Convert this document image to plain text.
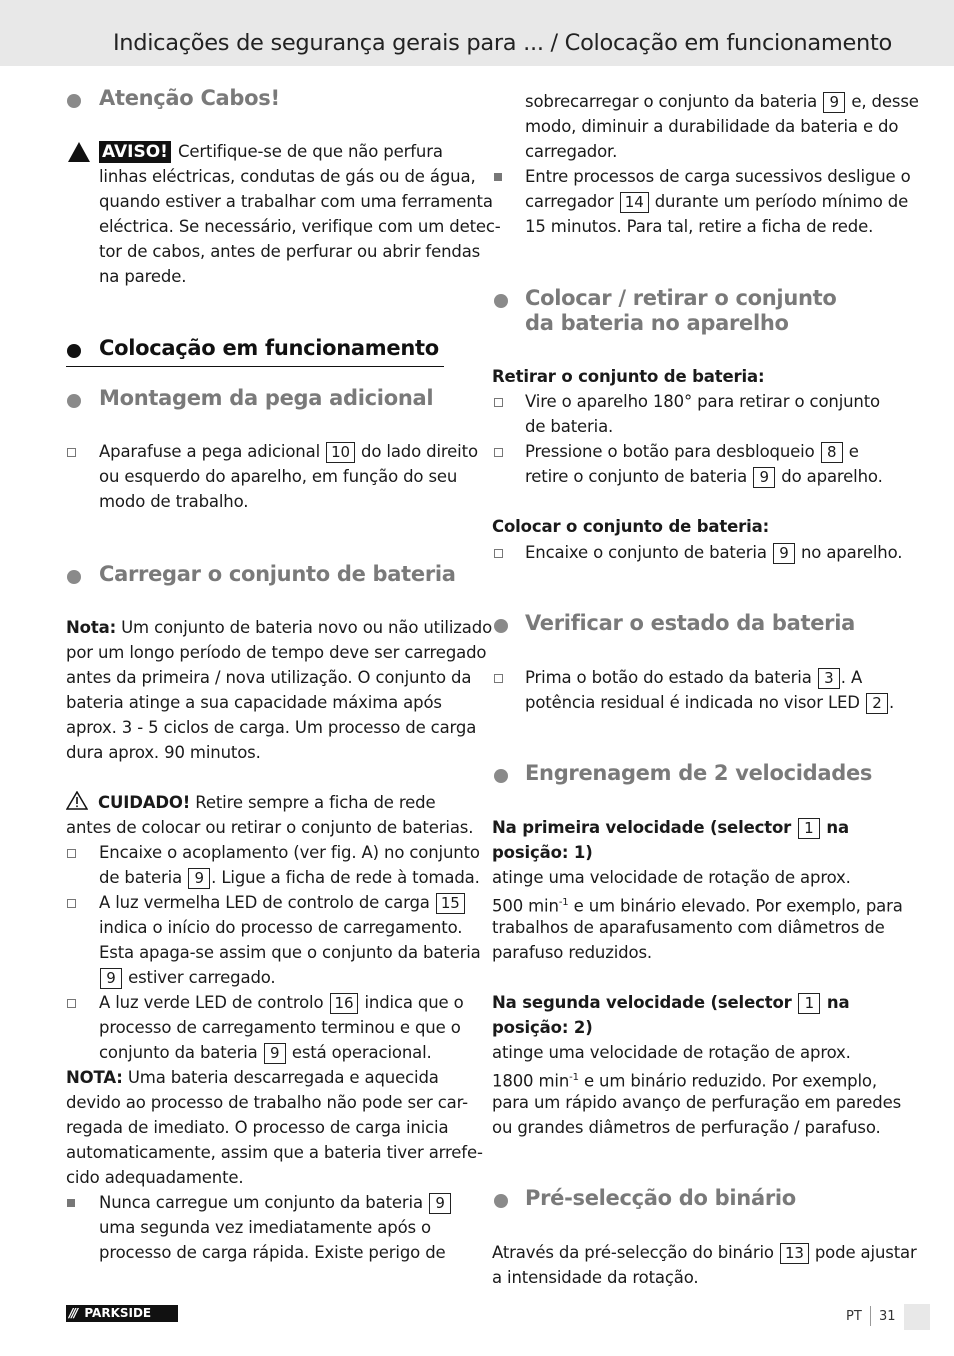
Indicações de segurança gerais para ... / Colocação em funcionamento
Atenção Cabos!
AVISO! Certifique-se de que não perfura
linhas eléctricas, condutas de gás ou de água,
quando estiver a trabalhar com uma ferramenta
eléctrica. Se necessário, verifique com um detec-
tor de cabos, antes de perfurar ou abrir fendas
na parede.
Colocação em funcionamento
Montagem da pega adicional
Aparafuse a pega adicional 10 do lado direito
ou esquerdo do aparelho, em função do seu
modo de trabalho.
Carregar o conjunto de bateria
Nota: Um conjunto de bateria novo ou não utilizado
por um longo período de tempo deve ser carregado
antes da primeira / nova utilização. O conjunto da
bateria atinge a sua capacidade máxima após
aprox. 3 - 5 ciclos de carga. Um processo de carga
dura aprox. 90 minutos.
CUIDADO! Retire sempre a ficha de rede
antes de colocar ou retirar o conjunto de baterias.
Encaixe o acoplamento (ver fig. A) no conjunto
de bateria 9 . Ligue a ficha de rede à tomada.
A luz vermelha LED de controlo de carga 15
indica o início do processo de carregamento.
Esta apaga-se assim que o conjunto da bateria
9 estiver carregado.
A luz verde LED de controlo 16 indica que o
processo de carregamento terminou e que o
conjunto da bateria 9 está operacional.
NOTA: Uma bateria descarregada e aquecida
devido ao processo de trabalho não pode ser car-
regada de imediato. O processo de carga inicia
automaticamente, assim que a bateria tiver arrefe-
cido adequadamente.
Nunca carregue um conjunto da bateria 9
uma segunda vez imediatamente após o
processo de carga rápida. Existe perigo de
sobrecarregar o conjunto da bateria 9 e, desse
modo, diminuir a durabilidade da bateria e do
carregador.
Entre processos de carga sucessivos desligue o
carregador 14 durante um período mínimo de
15 minutos. Para tal, retire a ficha de rede.
Colocar / retirar o conjunto
da bateria no aparelho
Retirar o conjunto de bateria:
Vire o aparelho 180° para retirar o conjunto
de bateria.
Pressione o botão para desbloqueio 8 e
retire o conjunto de bateria 9 do aparelho.
Colocar o conjunto de bateria:
Encaixe o conjunto de bateria 9 no aparelho.
Verificar o estado da bateria
Prima o botão do estado da bateria 3 . A
potência residual é indicada no visor LED 2 .
Engrenagem de 2 velocidades
Na primeira velocidade (selector 1 na
posição: 1)
atinge uma velocidade de rotação de aprox.
500 $\min^{-1} e$ um binário elevado. Por exemplo, para
trabalhos de aparafusamento com diâmetros de
parafuso reduzidos.
Na segunda velocidade (selector 1 na
posição: 2)
atinge uma velocidade de rotação de aprox.
1800 $\min^{-1} e$ um binário reduzido. Por exemplo,
para um rápido avanço de perfuração em paredes
ou grandes diâmetros de perfuração / parafuso.
Pré-selecção do binário
Através da pré-selecção do binário 13 pode ajustar
a intensidade da rotação.
/// PARKSIDE	PT 31
